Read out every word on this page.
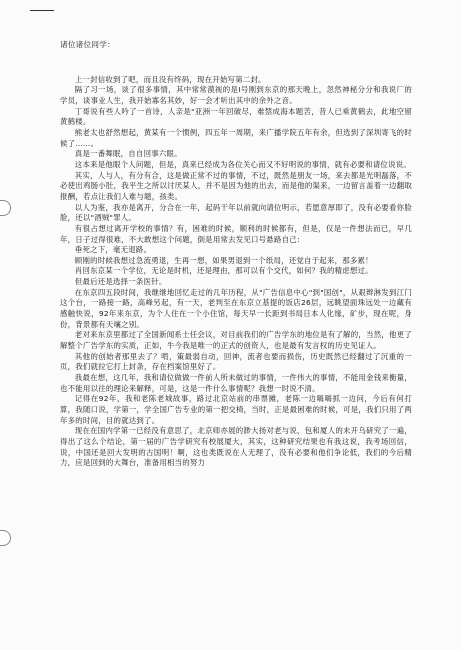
诸位诸位同学：

上一封信收到了吧，而且没有终码，现在开始写第二封。

隔了习一场，谈了很多事情，其中常常漠视的是Ⅰ号刚到东京的那天晚上，忽然神秘分分和我说厂的学员，谈事业人生，我开始寡名其妙，好一会才听出其中的余外之音。

丁哥说有些人吟了一首诗，人亲是"亚洲一年回破尽，难禁成海本题苦，昔人已乘黄鹤去，此地空留黄鹤楼。

熊老太也舒然想起，黄某有一个惯例，四五年一周期，来广播学院五年有余，但选到了深圳寄飞的时候了……。

真是一番舞眠，自自回事六眼。

这本来是他眼个人问题，但是，真来已经成为各位关心而又不好明说的事情，就有必要和请位说说。

其实，人与人，有分有合，这是做正常不过的事情，不过，既然是朋友一场，来去都是光明磊落，不必使出鸡肠小肚，我平生之所以讨厌某人，并不是因为他的出去，而是他的渠来，一边留言盖着一边翻取报酬，若点让我们人难与题，孩类。

以人为鉴，我亦是离开，分合在一年，起码干年以前就向请位明示，若愿意厚即了，没有必要看你脸脸，还以"酒贼"罪人。

有很占想过离开学校的事情？有，困难的时候，顺利的时候都有，但是，仅是一件想法而已，早几年，日子过得很难，不大敢想这个问题，倒是用常去发见口号悬路自己：

垂死之下，毫无退路。

顾刚的时候我想过急流勇退，生再一想，如果男退到一个纸局，还觉自于起来，那多累！

肖回东京某一个学位，无论是时机，还是理由，那可以有个交代，如何？我的精虑想过。

但最后还是选择一条医针。

在东京四五段时间，我继继地回忆走过的几年历程，从"广告信息中心"到"国创"，从艰辫淋发到江门这个台，一路接一路，高峰另起，有一天，老判至在东京立基提的饭店26层，远眺望面珠远处一边藏有感触快说，92年来东京，为个人住在一个小住馆，每天早一长距到书局日本人化缘，矿步，现在呢，身份，背景都有天壤之别。

老对来东京里都过了全国新闻系士任会议，对目前我们的广告学东的地位是有了解的，当然，他更了解整个广告学东的实质，正如，牛今我是唯一的正式的创资人，也是最有发言权的历史见证人。

其他的创始者那里去了？啃，策最弱自动，回神，流者也要而损伤，历史既然已经翻过了沉重的一页，我们就拉它打上封条，存在档案馆里好了。

我最在想，这几年，我和请位做做一件前人所未做过的事情，一件伟大的事情，不能用金钱来衡量，也不能用以往的理论来解释，可是，这是一件什么事情呢？我想一时说不清。

记得在92年，我和老陈老城故事，路过北京站前的串票摊，老陈一边嗨嗨抓一边问，今后有何打算，我随口说，学第一，学全国广告专业的第一把交椅，当时，正是最困难的时候，可是，我们只用了两年多的时间，目的就达到了。

现在在国内学第一已经没有意思了，北京师亦展的渺大扬对老与说，包和厦人的未开乌研究了一遍，得出了这么个结论，第一届的广告学研究有校展厦大，其实，这种研究结果也有我这说，我考场回信，说，中国还是回大发明的古国明！啊，这也类既说在人无理了，没有必要和他们争论低，我们的今后精力，应是回到的大舞台，准备用相当的努力
